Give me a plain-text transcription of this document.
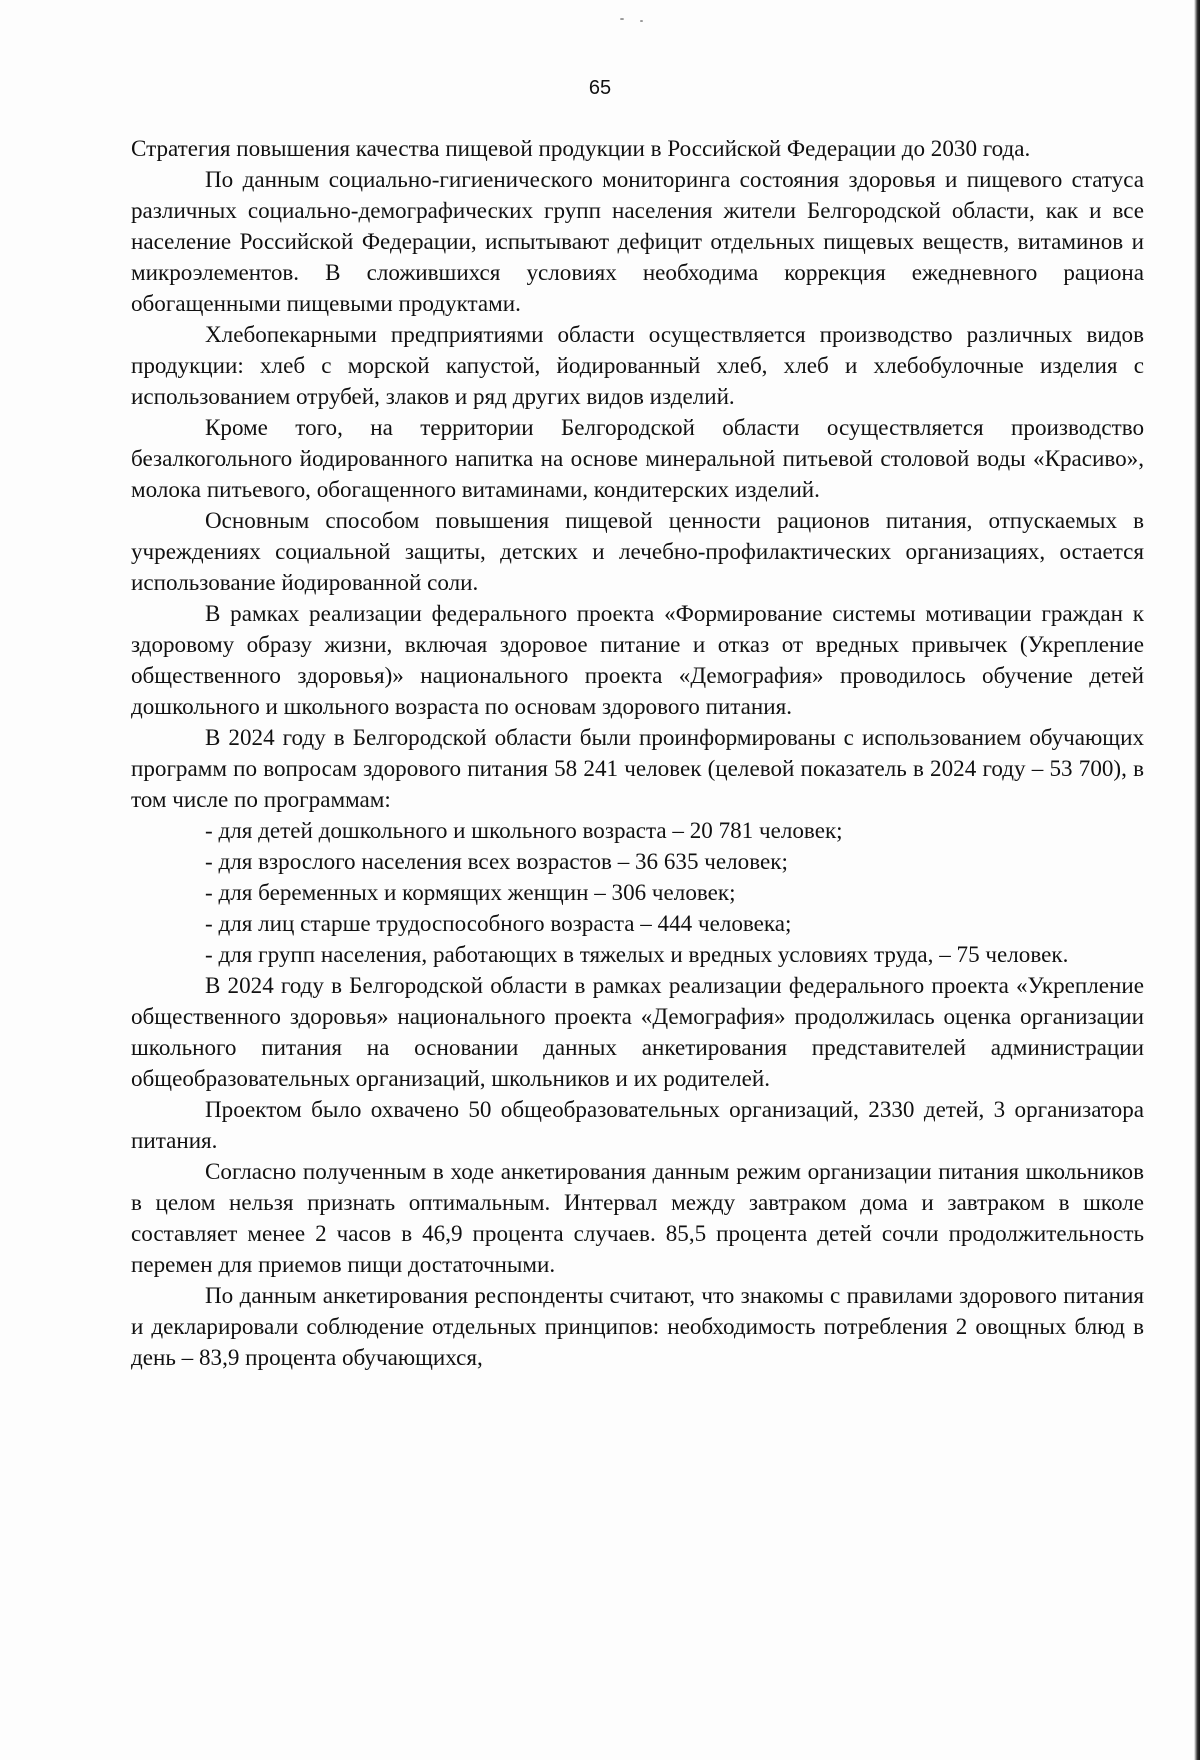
65

Стратегия повышения качества пищевой продукции в Российской Федерации до 2030 года.

По данным социально-гигиенического мониторинга состояния здоровья и пищевого статуса различных социально-демографических групп населения жители Белгородской области, как и все население Российской Федерации, испытывают дефицит отдельных пищевых веществ, витаминов и микроэлементов. В сложившихся условиях необходима коррекция ежедневного рациона обогащенными пищевыми продуктами.

Хлебопекарными предприятиями области осуществляется производство различных видов продукции: хлеб с морской капустой, йодированный хлеб, хлеб и хлебобулочные изделия с использованием отрубей, злаков и ряд других видов изделий.

Кроме того, на территории Белгородской области осуществляется производство безалкогольного йодированного напитка на основе минеральной питьевой столовой воды «Красиво», молока питьевого, обогащенного витаминами, кондитерских изделий.

Основным способом повышения пищевой ценности рационов питания, отпускаемых в учреждениях социальной защиты, детских и лечебно-профилактических организациях, остается использование йодированной соли.

В рамках реализации федерального проекта «Формирование системы мотивации граждан к здоровому образу жизни, включая здоровое питание и отказ от вредных привычек (Укрепление общественного здоровья)» национального проекта «Демография» проводилось обучение детей дошкольного и школьного возраста по основам здорового питания.

В 2024 году в Белгородской области были проинформированы с использованием обучающих программ по вопросам здорового питания 58 241 человек (целевой показатель в 2024 году – 53 700), в том числе по программам:

- для детей дошкольного и школьного возраста – 20 781 человек;

- для взрослого населения всех возрастов – 36 635 человек;

- для беременных и кормящих женщин – 306 человек;

- для лиц старше трудоспособного возраста – 444 человека;

- для групп населения, работающих в тяжелых и вредных условиях труда, – 75 человек.

В 2024 году в Белгородской области в рамках реализации федерального проекта «Укрепление общественного здоровья» национального проекта «Демография» продолжилась оценка организации школьного питания на основании данных анкетирования представителей администрации общеобразовательных организаций, школьников и их родителей.

Проектом было охвачено 50 общеобразовательных организаций, 2330 детей, 3 организатора питания.

Согласно полученным в ходе анкетирования данным режим организации питания школьников в целом нельзя признать оптимальным. Интервал между завтраком дома и завтраком в школе составляет менее 2 часов в 46,9 процента случаев. 85,5 процента детей сочли продолжительность перемен для приемов пищи достаточными.

По данным анкетирования респонденты считают, что знакомы с правилами здорового питания и декларировали соблюдение отдельных принципов: необходимость потребления 2 овощных блюд в день – 83,9 процента обучающихся,
